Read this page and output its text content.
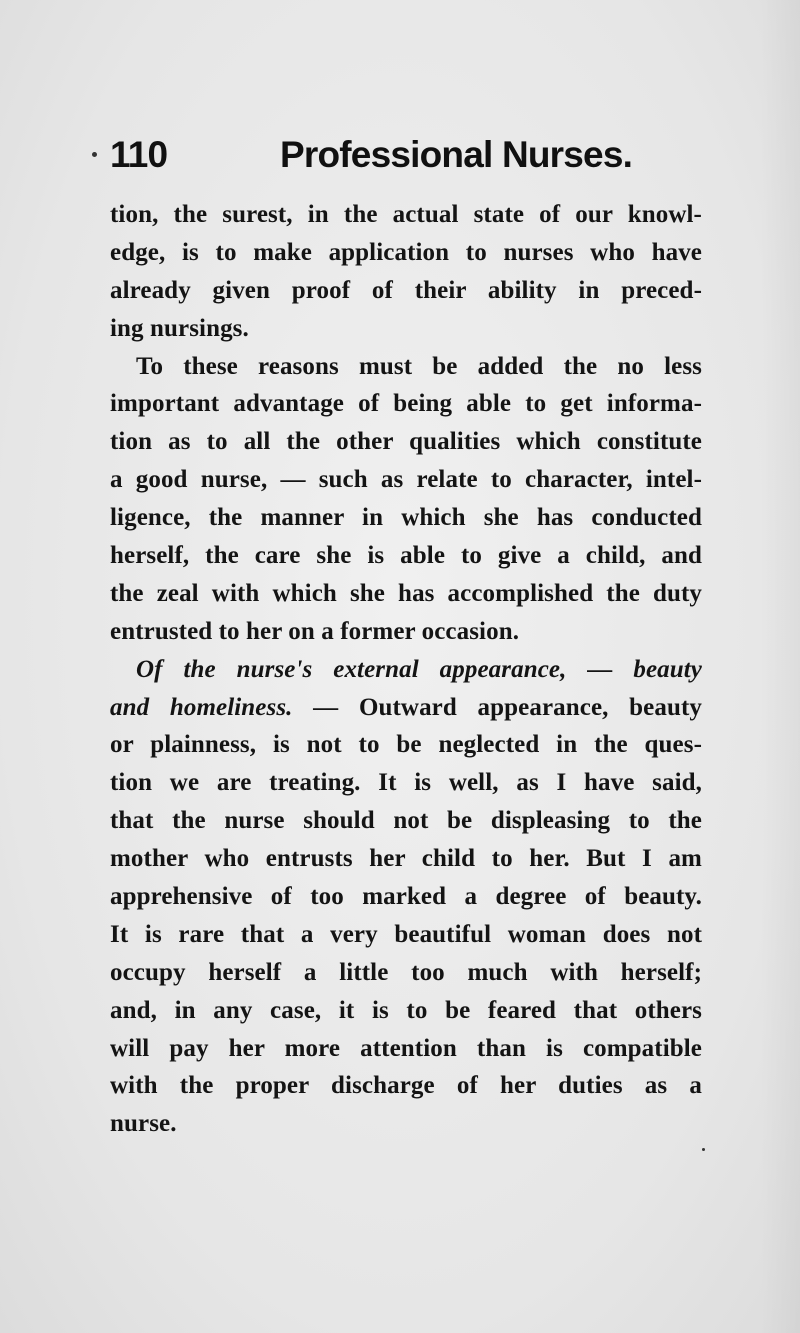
110	Professional Nurses.
tion, the surest, in the actual state of our knowl-
edge, is to make application to nurses who have
already given proof of their ability in preced-
ing nursings.
To these reasons must be added the no less
important advantage of being able to get informa-
tion as to all the other qualities which constitute
a good nurse, — such as relate to character, intel-
ligence, the manner in which she has conducted
herself, the care she is able to give a child, and
the zeal with which she has accomplished the duty
entrusted to her on a former occasion.
Of the nurse's external appearance, — beauty
and homeliness. — Outward appearance, beauty
or plainness, is not to be neglected in the ques-
tion we are treating. It is well, as I have said,
that the nurse should not be displeasing to the
mother who entrusts her child to her. But I am
apprehensive of too marked a degree of beauty.
It is rare that a very beautiful woman does not
occupy herself a little too much with herself;
and, in any case, it is to be feared that others
will pay her more attention than is compatible
with the proper discharge of her duties as a
nurse.
